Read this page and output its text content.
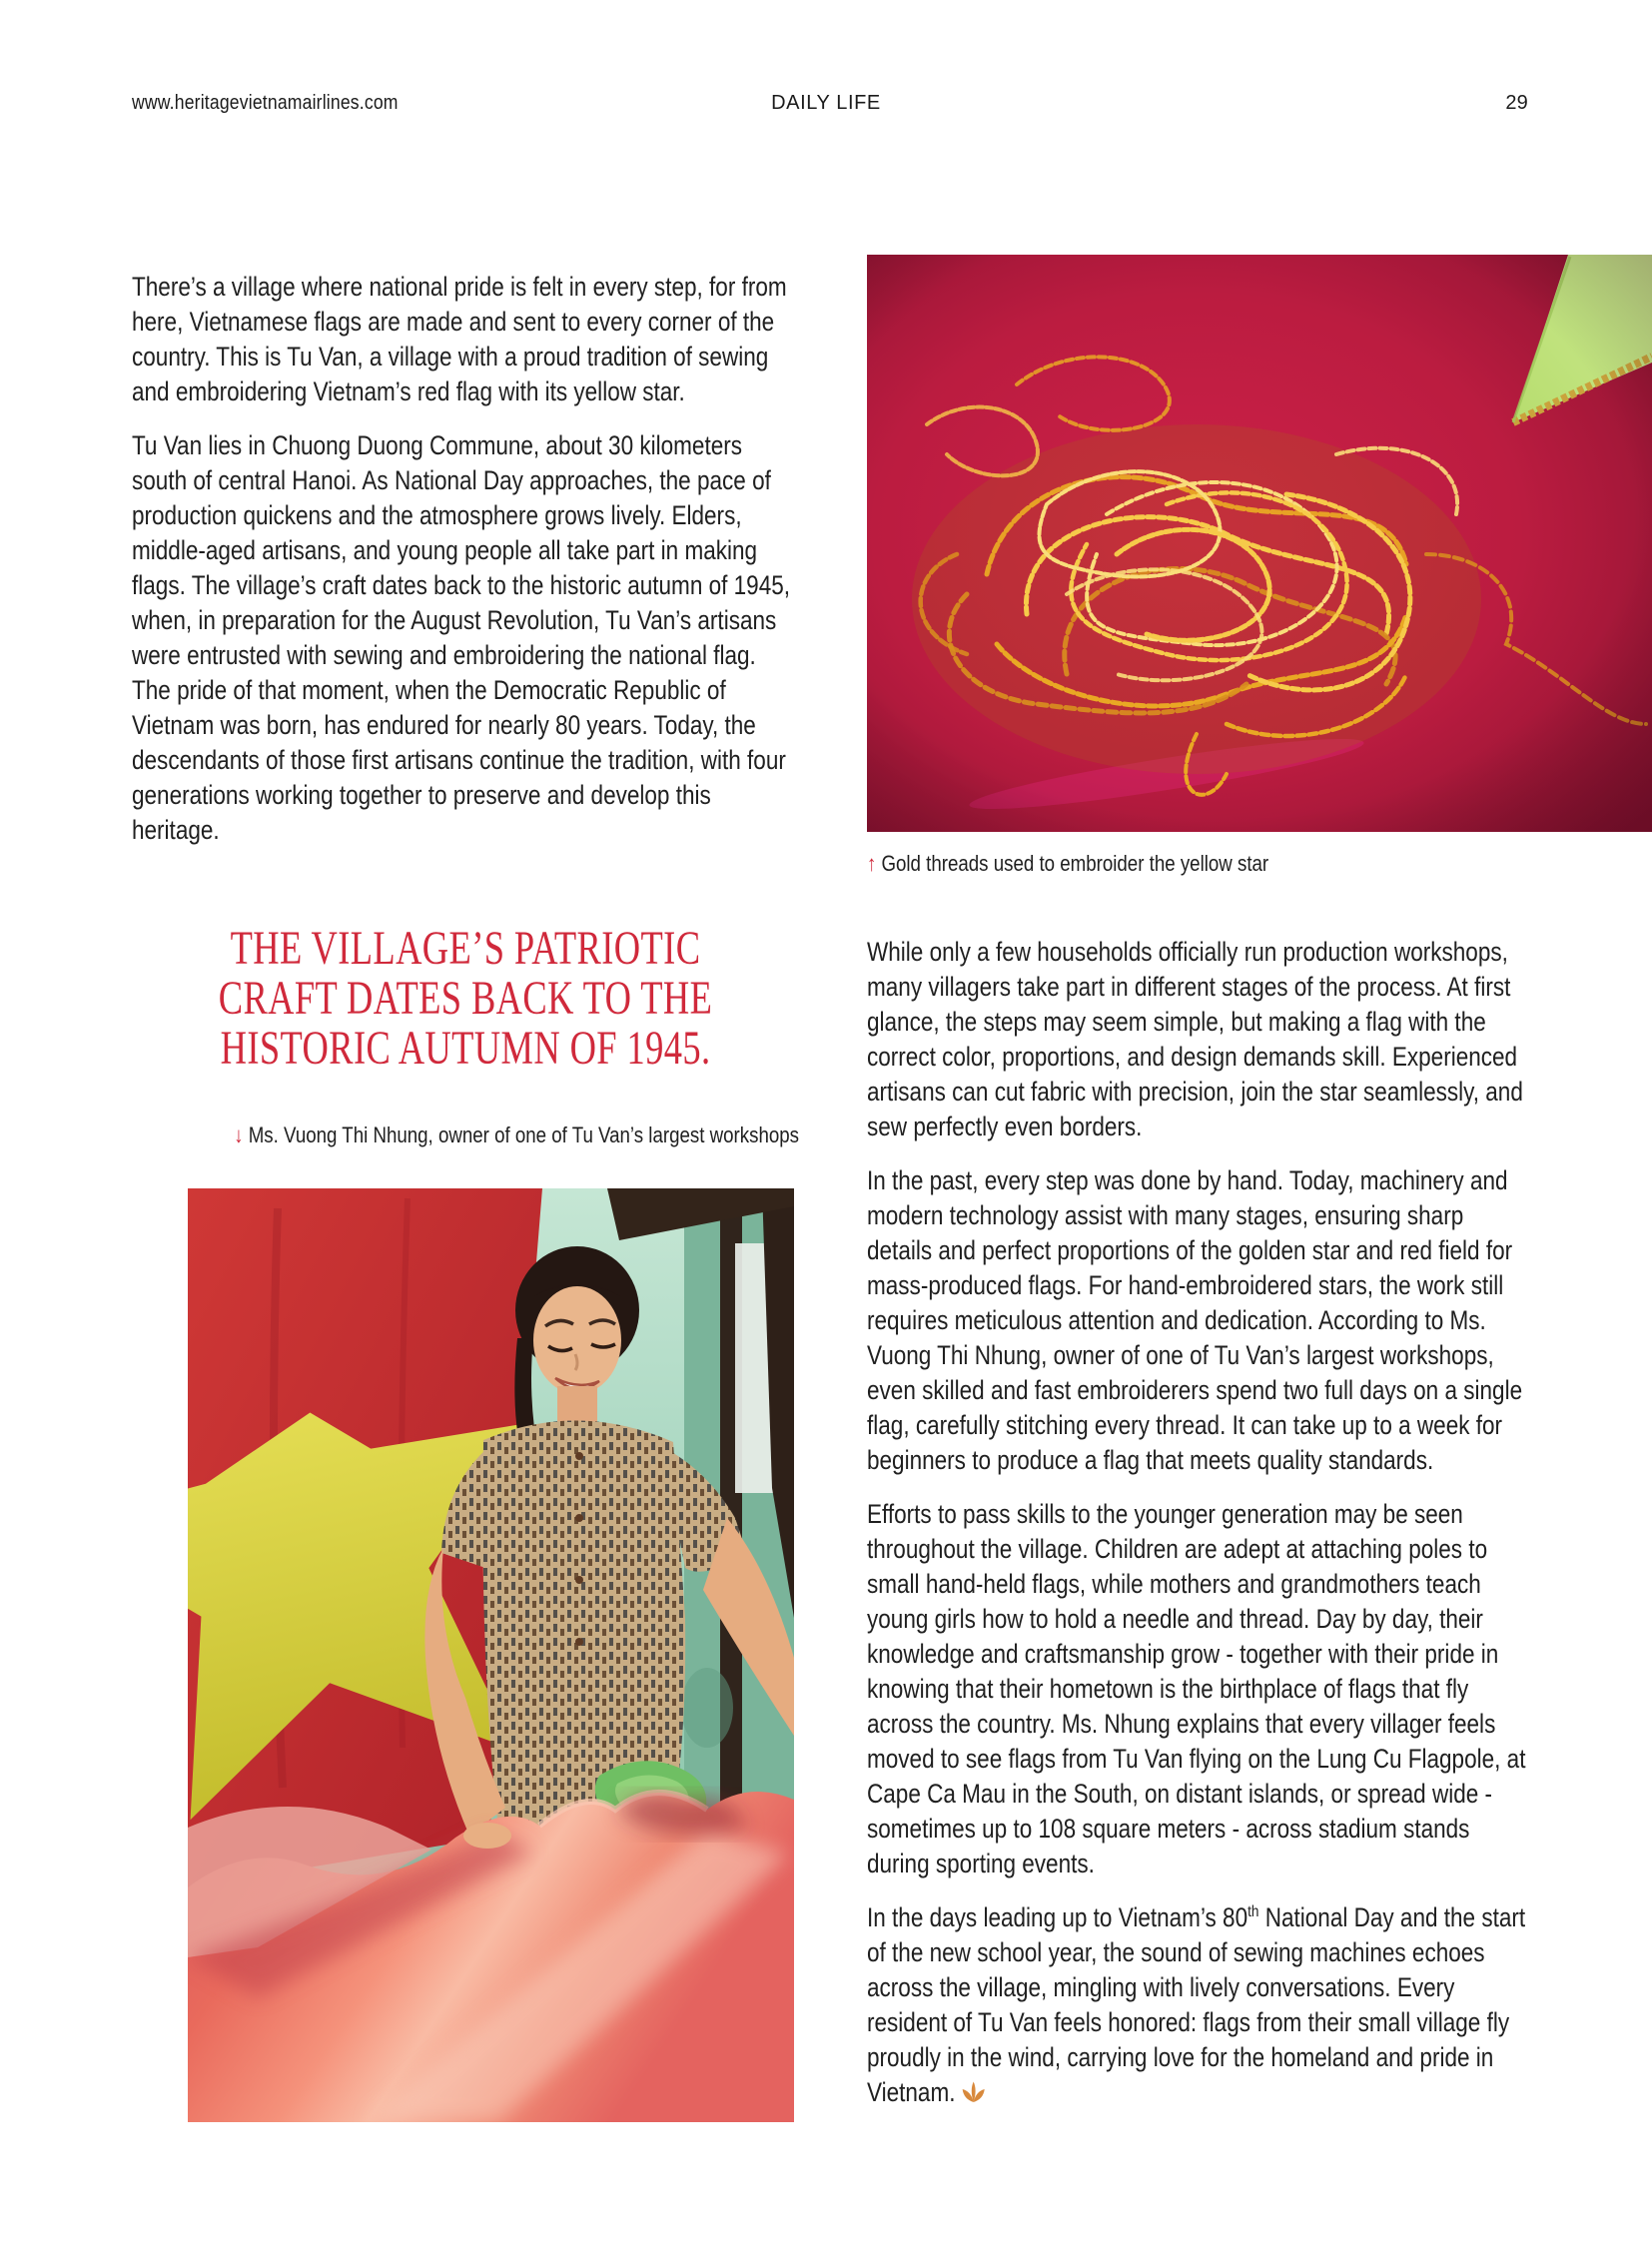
www.heritagevietnamairlines.com	DAILY LIFE	29

There’s a village where national pride is felt in every step, for from here, Vietnamese flags are made and sent to every corner of the country. This is Tu Van, a village with a proud tradition of sewing and embroidering Vietnam’s red flag with its yellow star.

Tu Van lies in Chuong Duong Commune, about 30 kilometers south of central Hanoi. As National Day approaches, the pace of production quickens and the atmosphere grows lively. Elders, middle-aged artisans, and young people all take part in making flags. The village’s craft dates back to the historic autumn of 1945, when, in preparation for the August Revolution, Tu Van’s artisans were entrusted with sewing and embroidering the national flag. The pride of that moment, when the Democratic Republic of Vietnam was born, has endured for nearly 80 years. Today, the descendants of those first artisans continue the tradition, with four generations working together to preserve and develop this heritage.

THE VILLAGE’S PATRIOTIC
CRAFT DATES BACK TO THE
HISTORIC AUTUMN OF 1945.
↓ Ms. Vuong Thi Nhung, owner of one of Tu Van’s largest workshops
↑ Gold threads used to embroider the yellow star

While only a few households officially run production workshops, many villagers take part in different stages of the process. At first glance, the steps may seem simple, but making a flag with the correct color, proportions, and design demands skill. Experienced artisans can cut fabric with precision, join the star seamlessly, and sew perfectly even borders.

In the past, every step was done by hand. Today, machinery and modern technology assist with many stages, ensuring sharp details and perfect proportions of the golden star and red field for mass-produced flags. For hand-embroidered stars, the work still requires meticulous attention and dedication. According to Ms. Vuong Thi Nhung, owner of one of Tu Van’s largest workshops, even skilled and fast embroiderers spend two full days on a single flag, carefully stitching every thread. It can take up to a week for beginners to produce a flag that meets quality standards.

Efforts to pass skills to the younger generation may be seen throughout the village. Children are adept at attaching poles to small hand-held flags, while mothers and grandmothers teach young girls how to hold a needle and thread. Day by day, their knowledge and craftsmanship grow - together with their pride in knowing that their hometown is the birthplace of flags that fly across the country. Ms. Nhung explains that every villager feels moved to see flags from Tu Van flying on the Lung Cu Flagpole, at Cape Ca Mau in the South, on distant islands, or spread wide - sometimes up to 108 square meters - across stadium stands during sporting events.

In the days leading up to Vietnam’s 80th National Day and the start of the new school year, the sound of sewing machines echoes across the village, mingling with lively conversations. Every resident of Tu Van feels honored: flags from their small village fly proudly in the wind, carrying love for the homeland and pride in Vietnam.
